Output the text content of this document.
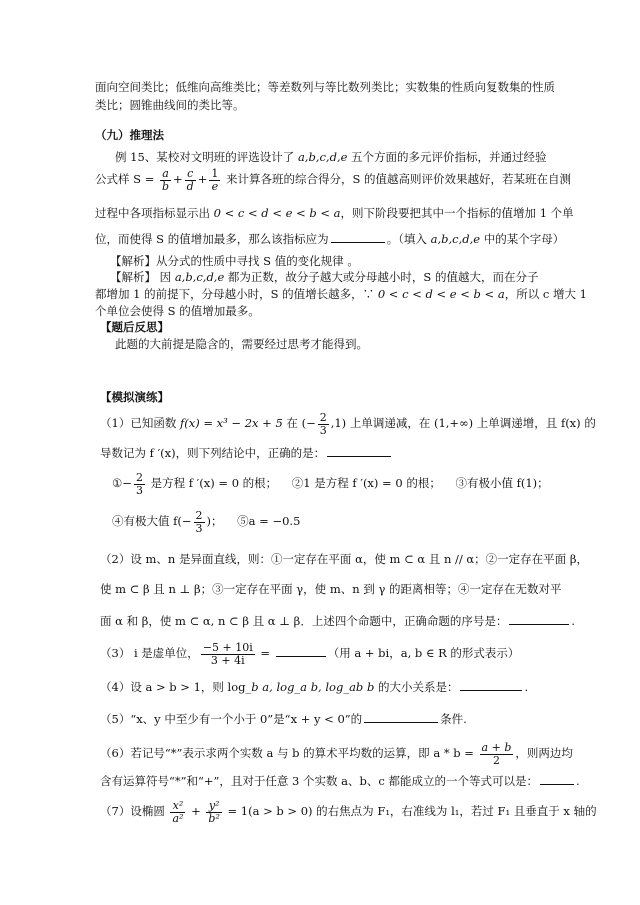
面向空间类比；低维向高维类比；等差数列与等比数列类比；实数集的性质向复数集的性质
类比；圆锥曲线间的类比等。
（九）推理法
例 15、某校对文明班的评选设计了 a,b,c,d,e 五个方面的多元评价指标，并通过经验
公式样 $S = \frac{a}{b} + \frac{c}{d} + \frac{1}{e}$ 来计算各班的综合得分，S 的值越高则评价效果越好，若某班在自测
过程中各项指标显示出 0 < c < d < e < b < a，则下阶段要把其中一个指标的值增加 1 个单
位，而使得 S 的值增加最多，那么该指标应为	。（填入 a,b,c,d,e 中的某个字母）
【解析】从分式的性质中寻找 S 值的变化规律 。
【解析】 因 a,b,c,d,e 都为正数，故分子越大或分母越小时，S 的值越大，而在分子
都增加 1 的前提下，分母越小时，S 的值增长越多，∵ 0 < c < d < e < b < a，所以 c 增大 1
个单位会使得 S 的值增加最多。
【题后反思】
此题的大前提是隐含的，需要经过思考才能得到。
【模拟演练】
（1）已知函数 f(x) = x³ − 2x + 5 在 (− $\frac{2}{3} ,1$) 上单调递减，在 (1,+∞) 上单调递增，且 f(x) 的
导数记为 f ′(x)，则下列结论中，正确的是：
①− $\frac{2}{3}$ 是方程 f ′(x) = 0 的根； ②1 是方程 f ′(x) = 0 的根； ③有极小值 f(1)；
④有极大值 $f(- \frac{2}{3}$ )； ⑤a = −0.5
（2）设 m、n 是异面直线，则：①一定存在平面 α，使 m ⊂ α 且 n // α；②一定存在平面 β，
使 m ⊂ β 且 n ⊥ β；③一定存在平面 γ，使 m、n 到 γ 的距离相等；④一定存在无数对平
面 α 和 β，使 m ⊂ α, n ⊂ β 且 α ⊥ β．上述四个命题中，正确命题的序号是：	.
（3） i 是虚单位， $\frac{-5 + 10i}{3 + 4i}$ =	（用 a + bi，a, b ∈ R 的形式表示）
（4）设 a > b > 1，则 log_b a, log_a b, log_ab b 的大小关系是：	.
（5）“x、y 中至少有一个小于 0”是“x + y < 0”的	条件.
（6）若记号“*”表示求两个实数 a 与 b 的算术平均数的运算，即 $a * b = \frac{a + b}{2}$ ，则两边均
含有运算符号“*”和“+”，且对于任意 3 个实数 a、b、c 都能成立的一个等式可以是：	.
（7）设椭圆 $\frac{\text{x²}}{\text{a²}} + \frac{\text{y²}}{\text{b²}} = 1(a > b > 0)$ 的右焦点为 F₁，右准线为 l₁，若过 F₁ 且垂直于 x 轴的
